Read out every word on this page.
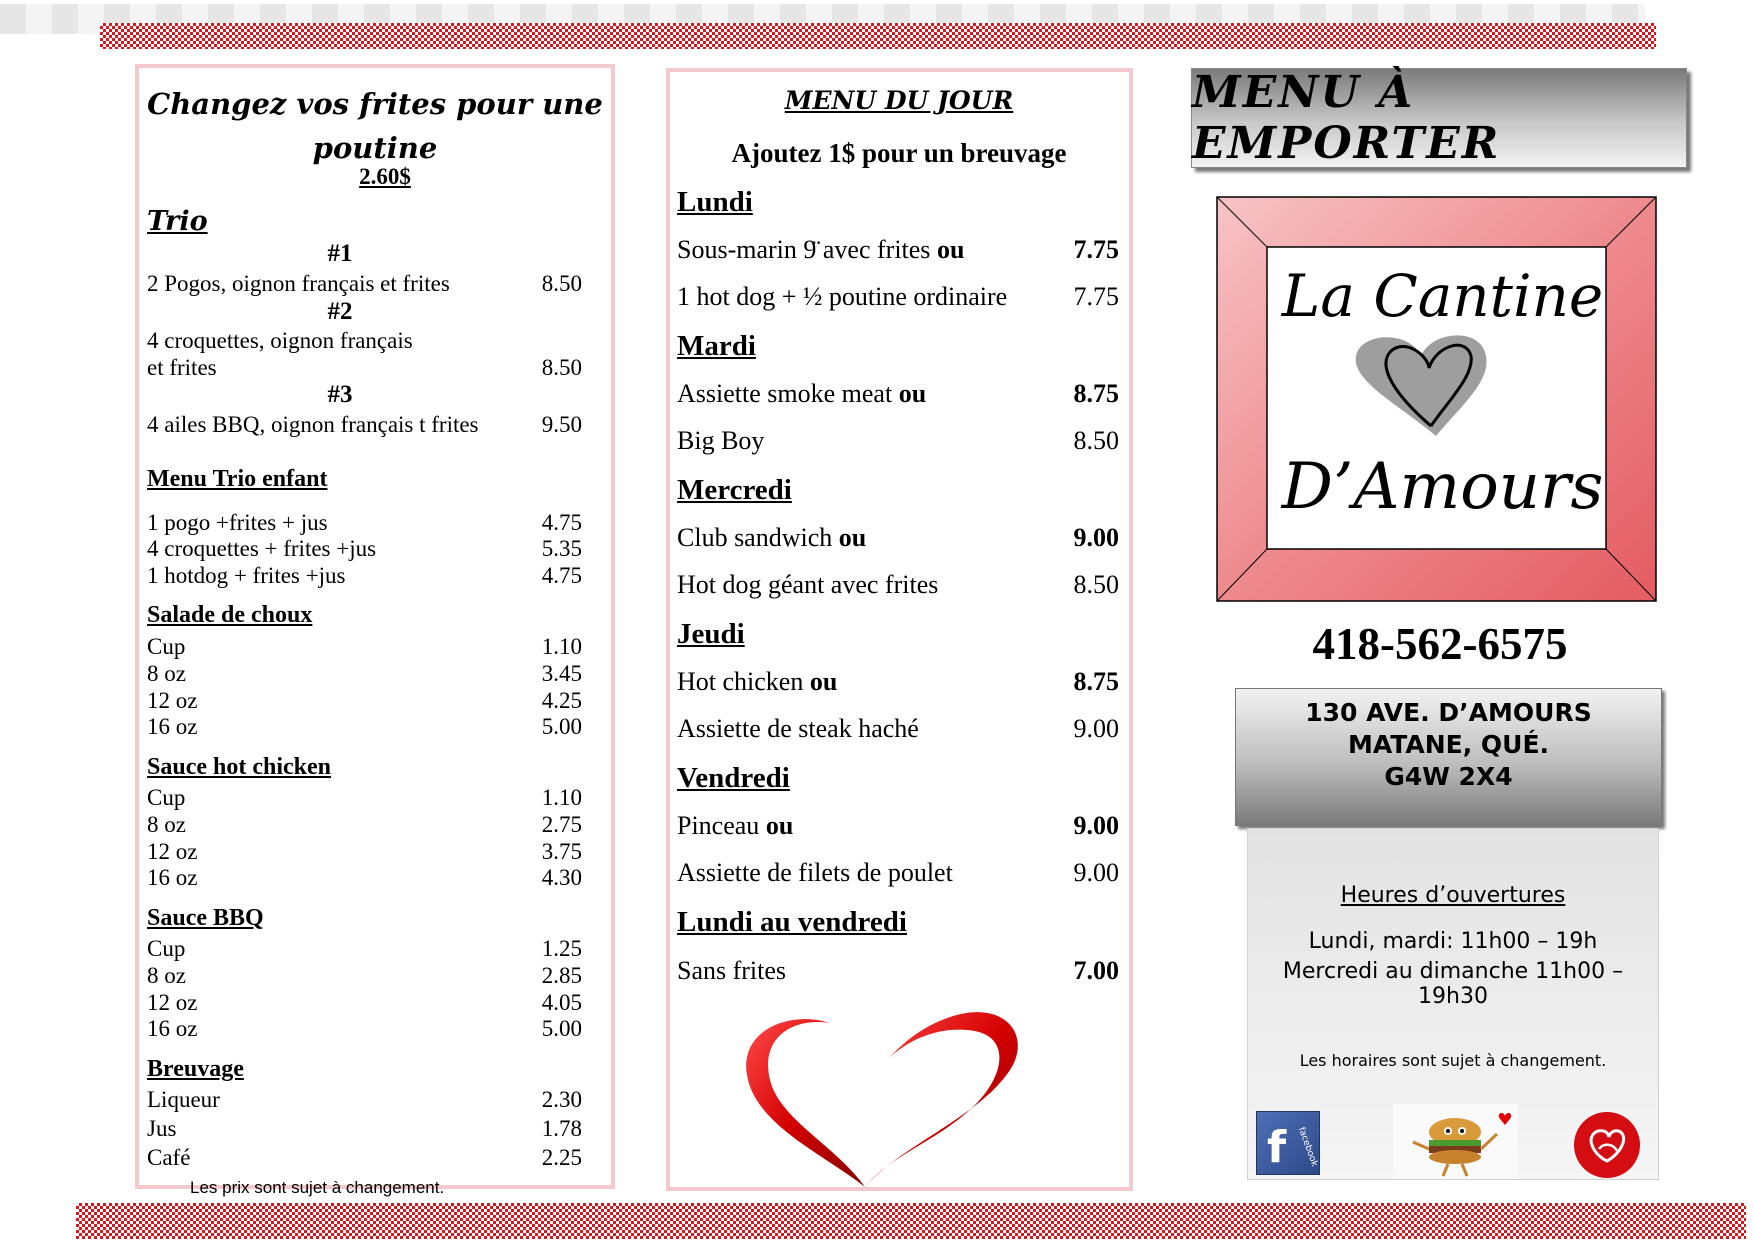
Changez vos frites pour une poutine
2.60$
Trio
#1
2 Pogos, oignon français et frites	8.50
#2
4 croquettes, oignon français
et frites	8.50
#3
4 ailes BBQ, oignon français t frites	9.50
Menu Trio enfant
1 pogo +frites + jus	4.75
4 croquettes + frites +jus	5.35
1 hotdog + frites +jus	4.75
Salade de choux
Cup	1.10
8 oz	3.45
12 oz	4.25
16 oz	5.00
Sauce hot chicken
Cup	1.10
8 oz	2.75
12 oz	3.75
16 oz	4.30
Sauce BBQ
Cup	1.25
8 oz	2.85
12 oz	4.05
16 oz	5.00
Breuvage
Liqueur	2.30
Jus	1.78
Café	2.25
Les prix sont sujet à changement.
MENU DU JOUR
Ajoutez 1$ pour un breuvage
Lundi
Sous-marin 9̈ avec frites ou	7.75
1 hot dog + ½ poutine ordinaire	7.75
Mardi
Assiette smoke meat ou	8.75
Big Boy	8.50
Mercredi
Club sandwich ou	9.00
Hot dog géant avec frites	8.50
Jeudi
Hot chicken ou	8.75
Assiette de steak haché	9.00
Vendredi
Pinceau ou	9.00
Assiette de filets de poulet	9.00
Lundi au vendredi
Sans frites	7.00
MENU À EMPORTER
La Cantine
D’Amours
418-562-6575
130 AVE. D’AMOURS
MATANE, QUÉ.
G4W 2X4
Heures d’ouvertures
Lundi, mardi: 11h00 – 19h
Mercredi au dimanche 11h00 –19h30
Les horaires sont sujet à changement.
f facebook
